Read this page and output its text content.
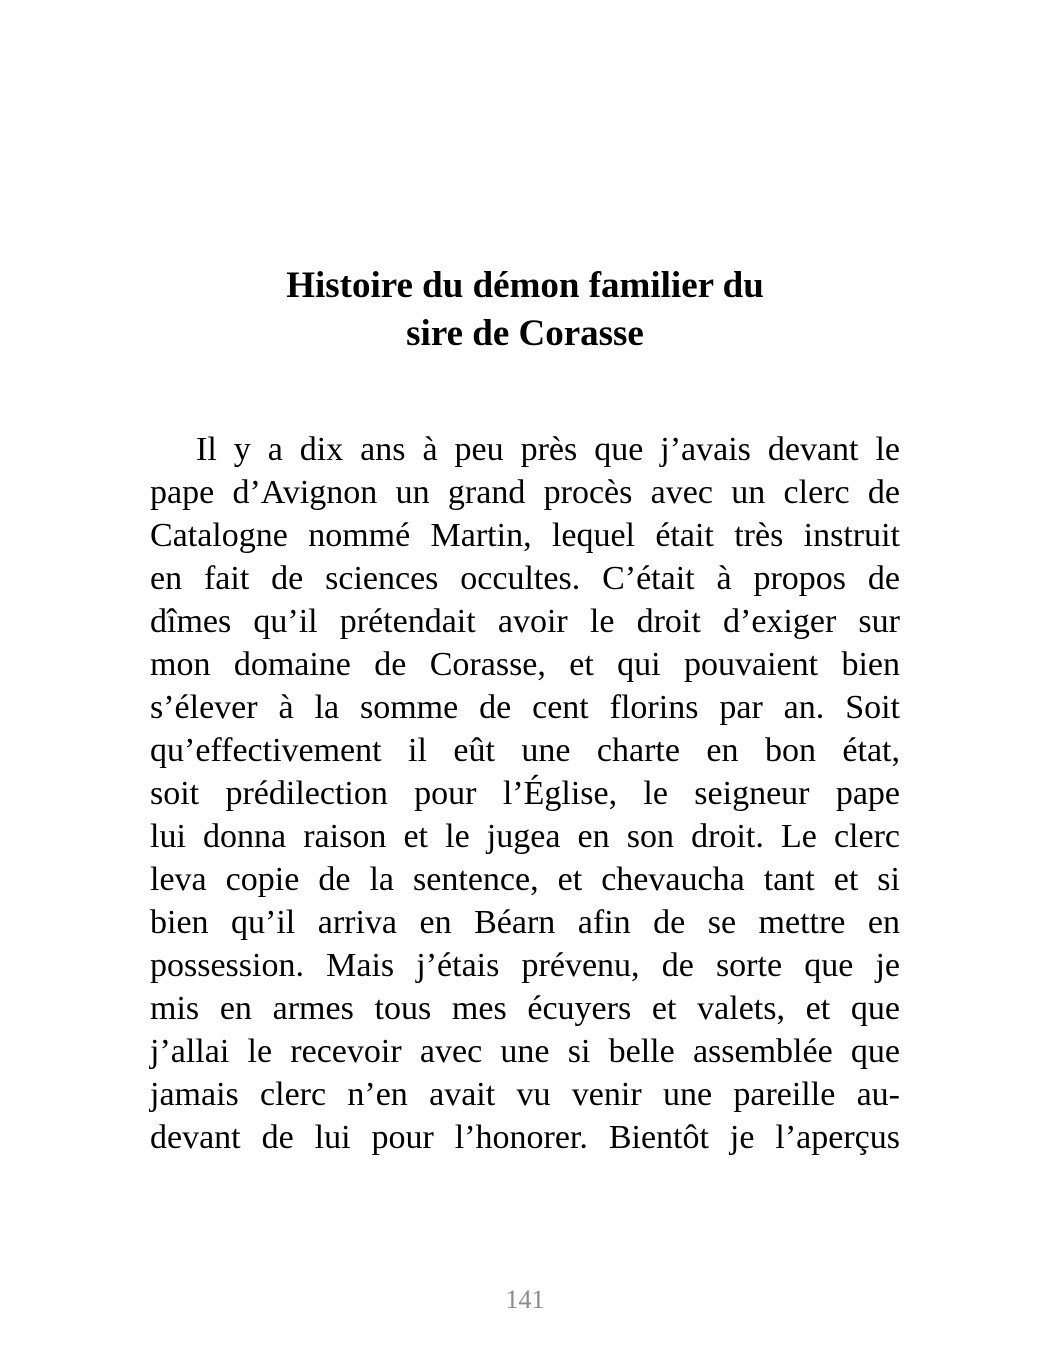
Histoire du démon familier du
sire de Corasse
Il y a dix ans à peu près que j’avais devant le
pape d’Avignon un grand procès avec un clerc de
Catalogne nommé Martin, lequel était très instruit
en fait de sciences occultes. C’était à propos de
dîmes qu’il prétendait avoir le droit d’exiger sur
mon domaine de Corasse, et qui pouvaient bien
s’élever à la somme de cent florins par an. Soit
qu’effectivement il eût une charte en bon état,
soit prédilection pour l’Église, le seigneur pape
lui donna raison et le jugea en son droit. Le clerc
leva copie de la sentence, et chevaucha tant et si
bien qu’il arriva en Béarn afin de se mettre en
possession. Mais j’étais prévenu, de sorte que je
mis en armes tous mes écuyers et valets, et que
j’allai le recevoir avec une si belle assemblée que
jamais clerc n’en avait vu venir une pareille au-
devant de lui pour l’honorer. Bientôt je l’aperçus
141
